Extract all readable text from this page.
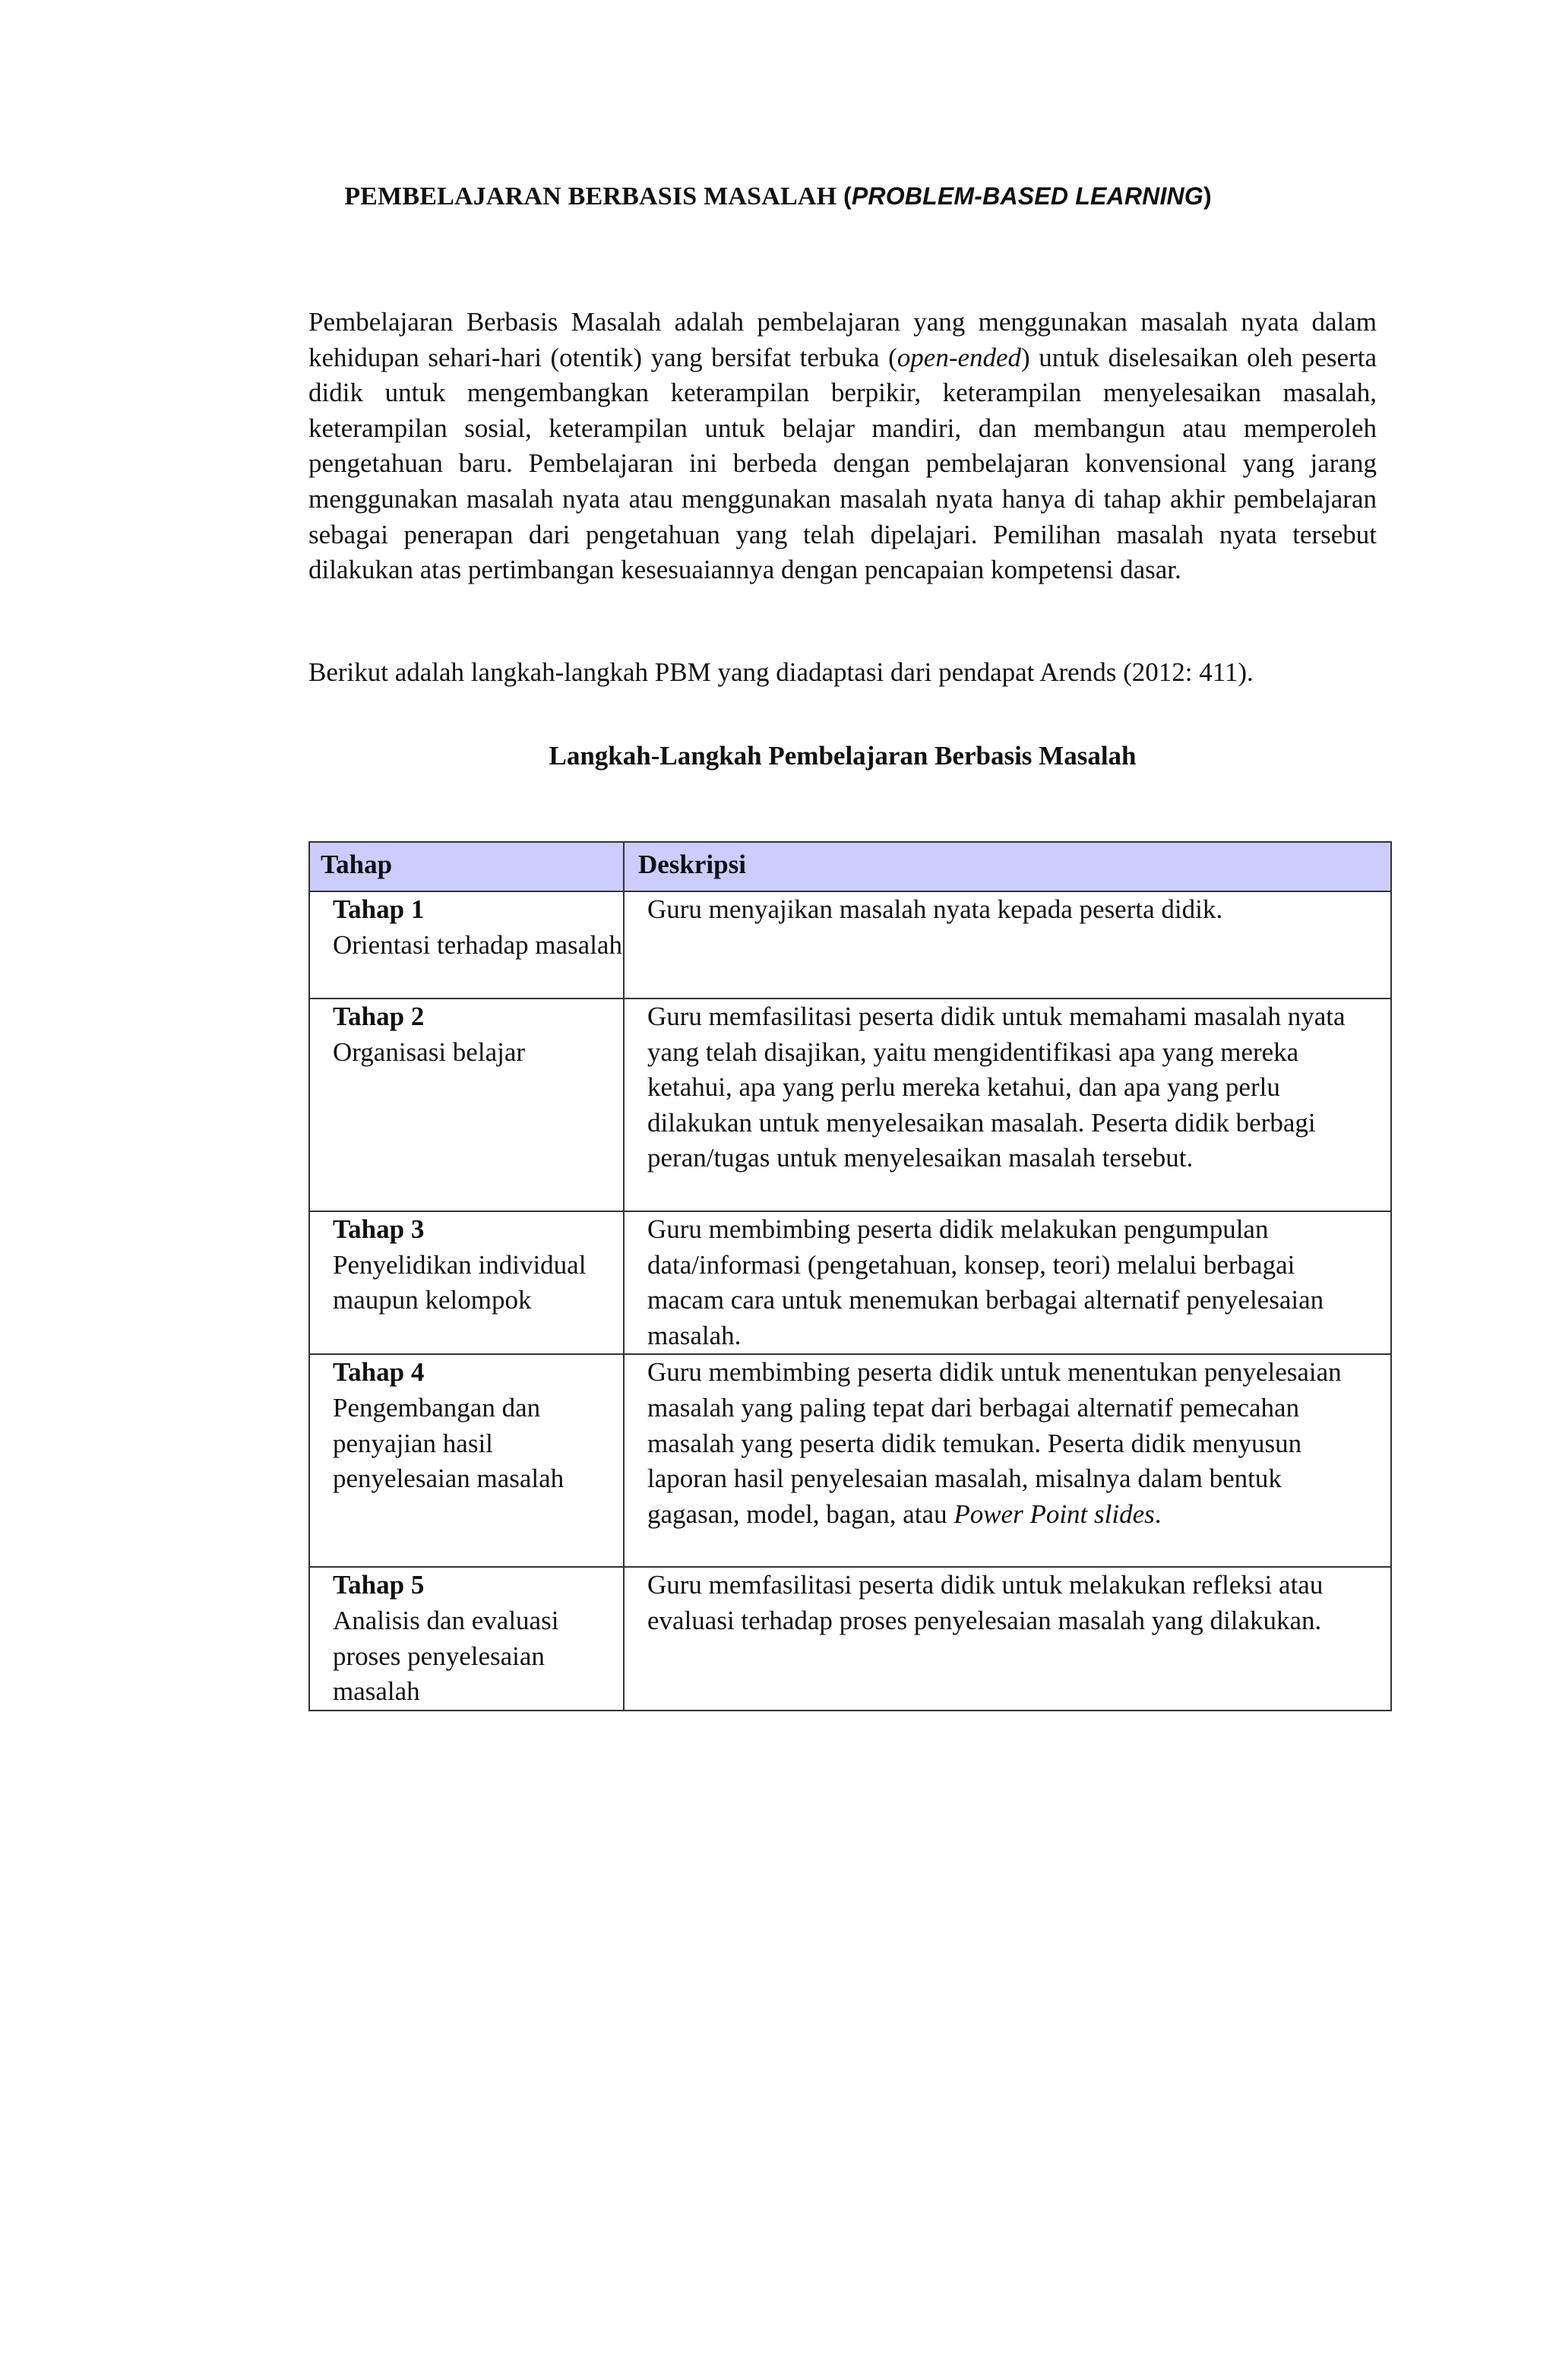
PEMBELAJARAN BERBASIS MASALAH (PROBLEM-BASED LEARNING)

Pembelajaran Berbasis Masalah adalah pembelajaran yang menggunakan masalah nyata dalam kehidupan sehari-hari (otentik) yang bersifat terbuka (open-ended) untuk diselesaikan oleh peserta didik untuk mengembangkan keterampilan berpikir, keterampilan menyelesaikan masalah, keterampilan sosial, keterampilan untuk belajar mandiri, dan membangun atau memperoleh pengetahuan baru. Pembelajaran ini berbeda dengan pembelajaran konvensional yang jarang menggunakan masalah nyata atau menggunakan masalah nyata hanya di tahap akhir pembelajaran sebagai penerapan dari pengetahuan yang telah dipelajari. Pemilihan masalah nyata tersebut dilakukan atas pertimbangan kesesuaiannya dengan pencapaian kompetensi dasar.

Berikut adalah langkah-langkah PBM yang diadaptasi dari pendapat Arends (2012: 411).

Langkah-Langkah Pembelajaran Berbasis Masalah
Tahap	Deskripsi

Tahap 1
Orientasi terhadap masalah	Guru menyajikan masalah nyata kepada peserta didik.

Tahap 2
Organisasi belajar	Guru memfasilitasi peserta didik untuk memahami masalah nyata yang telah disajikan, yaitu mengidentifikasi apa yang mereka ketahui, apa yang perlu mereka ketahui, dan apa yang perlu dilakukan untuk menyelesaikan masalah. Peserta didik berbagi peran/tugas untuk menyelesaikan masalah tersebut.

Tahap 3
Penyelidikan individual maupun kelompok	Guru membimbing peserta didik melakukan pengumpulan data/informasi (pengetahuan, konsep, teori) melalui berbagai macam cara untuk menemukan berbagai alternatif penyelesaian masalah.

Tahap 4
Pengembangan dan penyajian hasil penyelesaian masalah	Guru membimbing peserta didik untuk menentukan penyelesaian masalah yang paling tepat dari berbagai alternatif pemecahan masalah yang peserta didik temukan. Peserta didik menyusun laporan hasil penyelesaian masalah, misalnya dalam bentuk gagasan, model, bagan, atau Power Point slides.

Tahap 5
Analisis dan evaluasi proses penyelesaian masalah	Guru memfasilitasi peserta didik untuk melakukan refleksi atau evaluasi terhadap proses penyelesaian masalah yang dilakukan.
